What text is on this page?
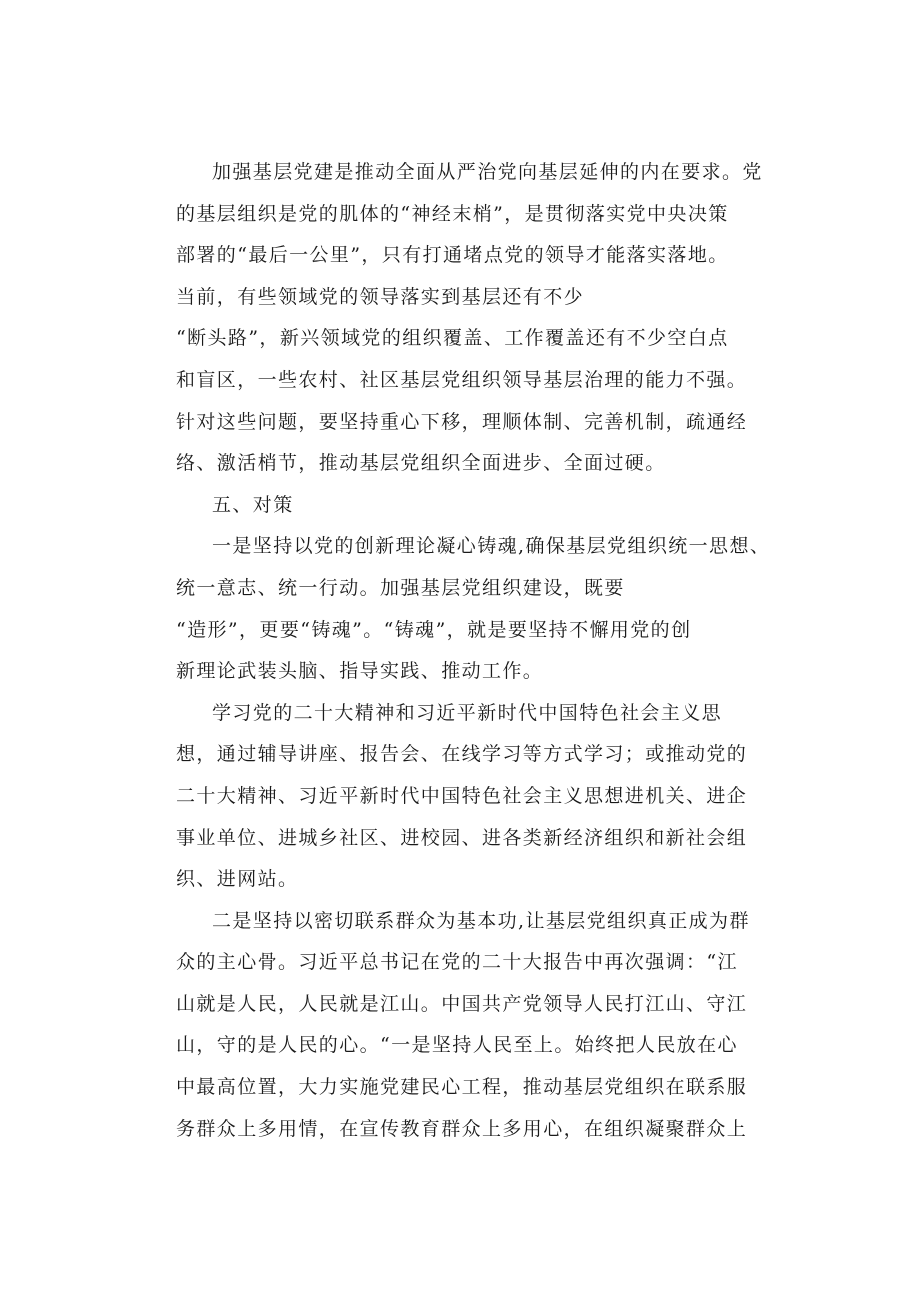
加强基层党建是推动全面从严治党向基层延伸的内在要求。党
的基层组织是党的肌体的“神经末梢”，是贯彻落实党中央决策
部署的“最后一公里”，只有打通堵点党的领导才能落实落地。
当前，有些领域党的领导落实到基层还有不少
“断头路”，新兴领域党的组织覆盖、工作覆盖还有不少空白点
和盲区，一些农村、社区基层党组织领导基层治理的能力不强。
针对这些问题，要坚持重心下移，理顺体制、完善机制，疏通经
络、激活梢节，推动基层党组织全面进步、全面过硬。
五、对策
一是坚持以党的创新理论凝心铸魂,确保基层党组织统一思想、
统一意志、统一行动。加强基层党组织建设，既要
“造形”，更要“铸魂”。“铸魂”，就是要坚持不懈用党的创
新理论武装头脑、指导实践、推动工作。
学习党的二十大精神和习近平新时代中国特色社会主义思
想，通过辅导讲座、报告会、在线学习等方式学习；或推动党的
二十大精神、习近平新时代中国特色社会主义思想进机关、进企
事业单位、进城乡社区、进校园、进各类新经济组织和新社会组
织、进网站。
二是坚持以密切联系群众为基本功,让基层党组织真正成为群
众的主心骨。习近平总书记在党的二十大报告中再次强调：“江
山就是人民，人民就是江山。中国共产党领导人民打江山、守江
山，守的是人民的心。“一是坚持人民至上。始终把人民放在心
中最高位置，大力实施党建民心工程，推动基层党组织在联系服
务群众上多用情，在宣传教育群众上多用心，在组织凝聚群众上
